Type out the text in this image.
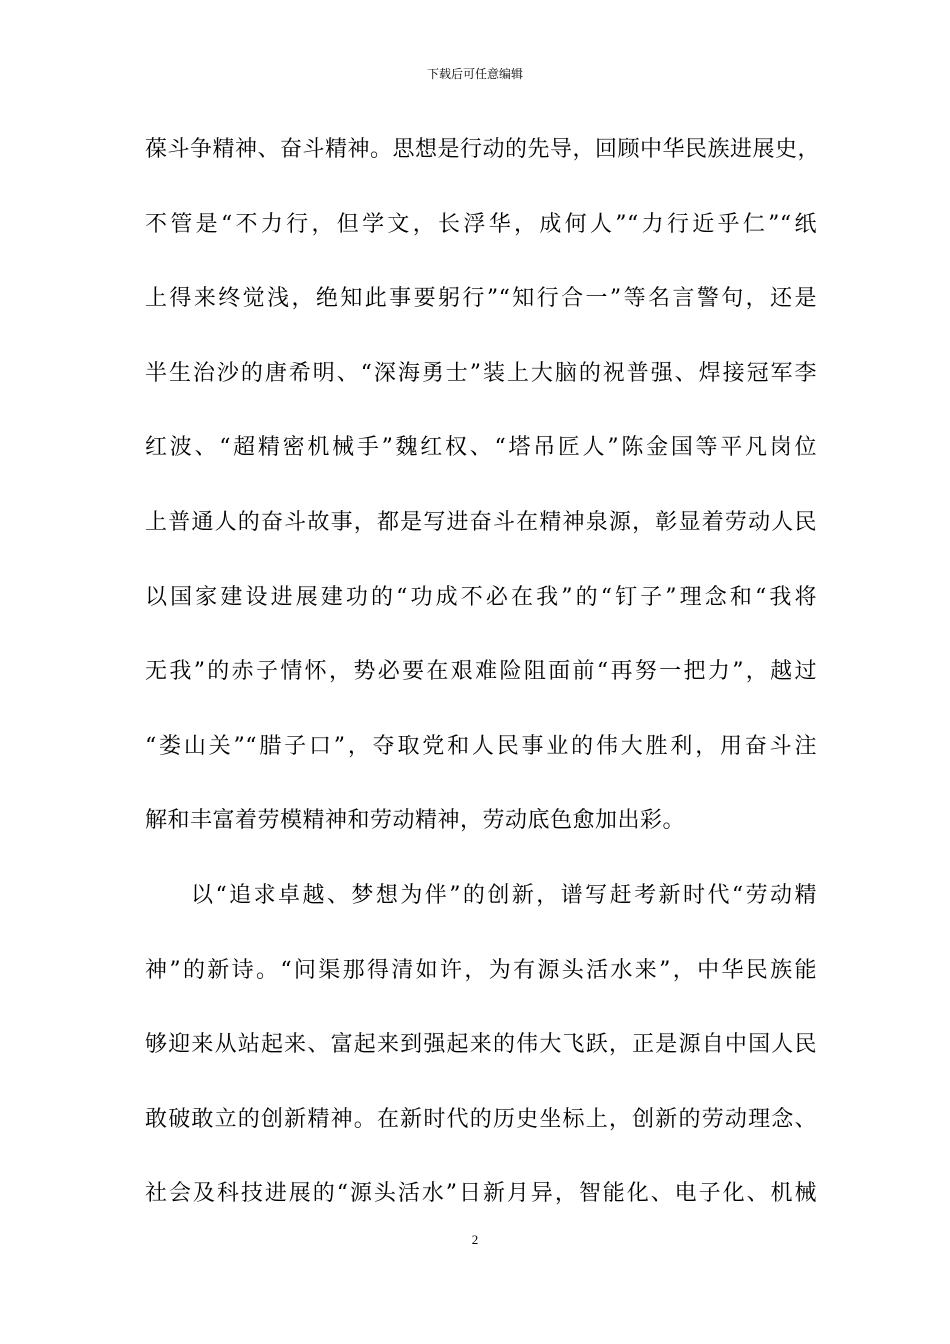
下载后可任意编辑
葆斗争精神、奋斗精神。思想是行动的先导，回顾中华民族进展史，
不管是“不力行，但学文，长浮华，成何人”“力行近乎仁”“纸
上得来终觉浅，绝知此事要躬行”“知行合一”等名言警句，还是
半生治沙的唐希明、“深海勇士”装上大脑的祝普强、焊接冠军李
红波、“超精密机械手”魏红权、“塔吊匠人”陈金国等平凡岗位
上普通人的奋斗故事，都是写进奋斗在精神泉源，彰显着劳动人民
以国家建设进展建功的“功成不必在我”的“钉子”理念和“我将
无我”的赤子情怀，势必要在艰难险阻面前“再努一把力”，越过
“娄山关”“腊子口”，夺取党和人民事业的伟大胜利，用奋斗注
解和丰富着劳模精神和劳动精神，劳动底色愈加出彩。
以“追求卓越、梦想为伴”的创新，谱写赶考新时代“劳动精
神”的新诗。“问渠那得清如许，为有源头活水来”，中华民族能
够迎来从站起来、富起来到强起来的伟大飞跃，正是源自中国人民
敢破敢立的创新精神。在新时代的历史坐标上，创新的劳动理念、
社会及科技进展的“源头活水”日新月异，智能化、电子化、机械
2
